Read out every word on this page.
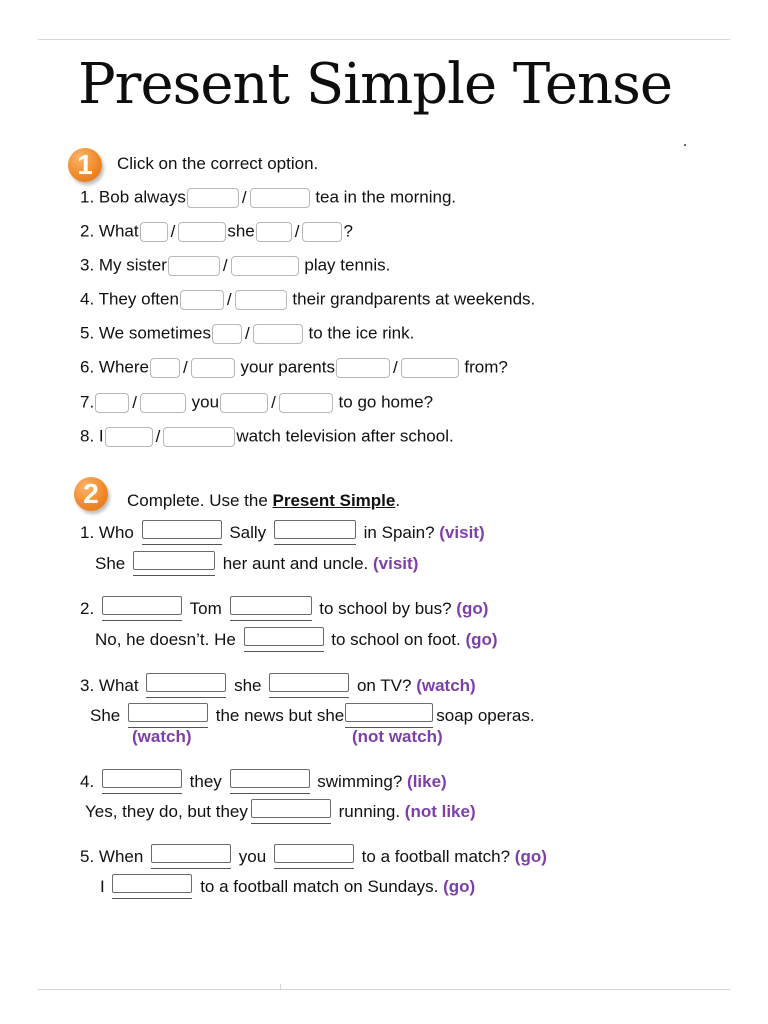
Present Simple Tense
1	Click on the correct option.
1. Bob always	/	tea in the morning.
2. What /	she /	?
3. My sister	/	play tennis.
4. They often	/	their grandparents at weekends.
5. We sometimes /	to the ice rink.
6. Where /	your parents	/	from?
7. /	you	/	to go home?
8. I	/	watch television after school.
2	Complete. Use the Present Simple.
1. Who	Sally	in Spain? (visit)
She	her aunt and uncle. (visit)
2.	Tom	to school by bus? (go)
No, he doesn’t. He	to school on foot. (go)
3. What	she	on TV? (watch)
She	the news but she	soap operas.
(watch)	(not watch)
4.	they	swimming? (like)
Yes, they do, but they	running. (not like)
5. When	you	to a football match? (go)
I	to a football match on Sundays. (go)
